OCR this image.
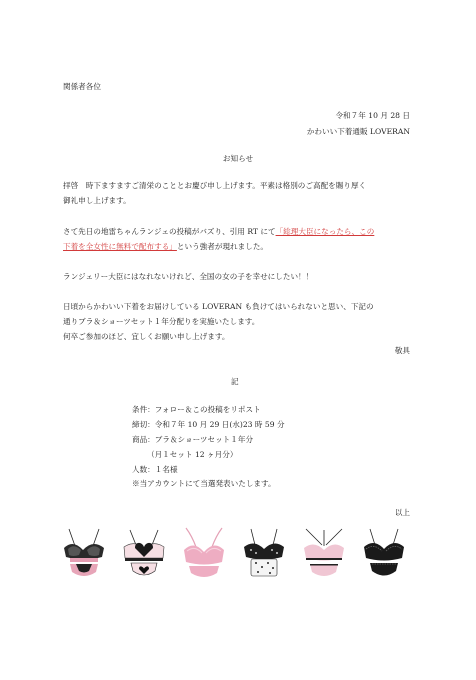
関係者各位
令和７年 10 月 28 日
かわいい下着通販 LOVERAN
お知らせ
拝啓　時下ますますご清栄のこととお慶び申し上げます。平素は格別のご高配を賜り厚く
御礼申し上げます。
さて先日の地雷ちゃんランジェの投稿がバズり、引用 RT にて「総理大臣になったら、この
下着を全女性に無料で配布する」という強者が現れました。
ランジェリー大臣にはなれないけれど、全国の女の子を幸せにしたい！！
日頃からかわいい下着をお届けしている LOVERAN も負けてはいられないと思い、下記の
通りブラ＆ショーツセット１年分配りを実施いたします。
何卒ご参加のほど、宜しくお願い申し上げます。
敬具
記
条件：フォロー＆この投稿をリポスト
締切：令和７年 10 月 29 日(水)23 時 59 分
商品：ブラ＆ショーツセット１年分
（月１セット 12 ヶ月分）
人数：１名様
※当アカウントにて当選発表いたします。
以上
